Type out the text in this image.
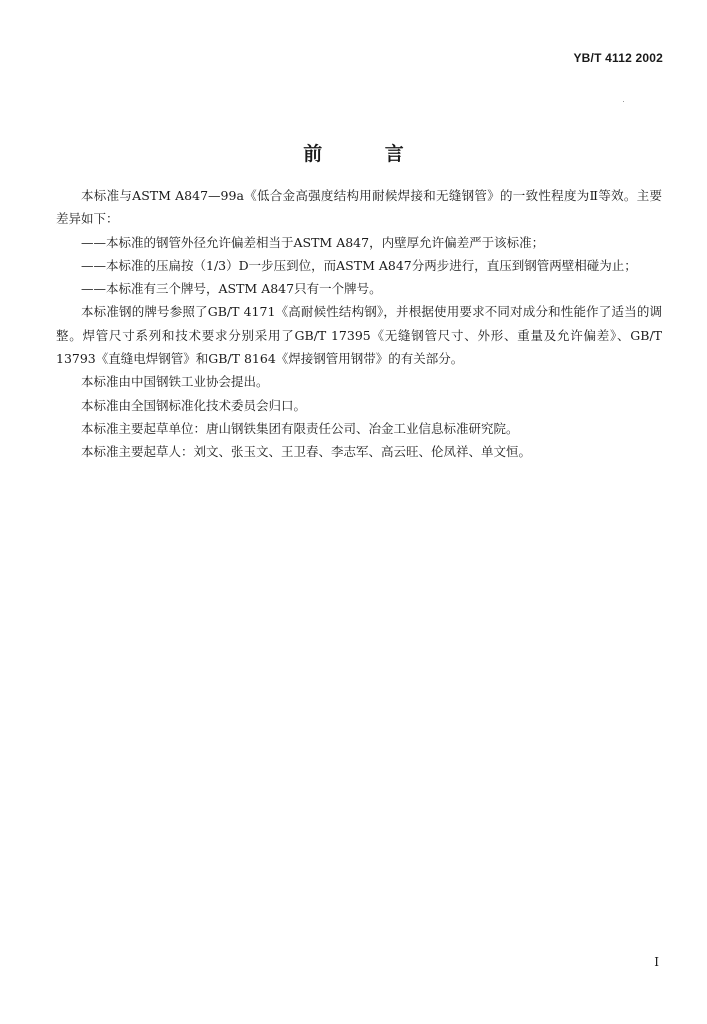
YB/T 4112 2002
前 言

本标准与ASTM A847—99a《低合金高强度结构用耐候焊接和无缝钢管》的一致性程度为Ⅱ等效。主要差异如下：

——本标准的钢管外径允许偏差相当于ASTM A847，内壁厚允许偏差严于该标准；

——本标准的压扁按（1/3）D一步压到位，而ASTM A847分两步进行，直压到钢管两壁相碰为止；

——本标准有三个牌号，ASTM A847只有一个牌号。

本标准钢的牌号参照了GB/T 4171《高耐候性结构钢》，并根据使用要求不同对成分和性能作了适当的调整。焊管尺寸系列和技术要求分别采用了GB/T 17395《无缝钢管尺寸、外形、重量及允许偏差》、GB/T 13793《直缝电焊钢管》和GB/T 8164《焊接钢管用钢带》的有关部分。

本标准由中国钢铁工业协会提出。

本标准由全国钢标准化技术委员会归口。

本标准主要起草单位：唐山钢铁集团有限责任公司、冶金工业信息标准研究院。

本标准主要起草人：刘文、张玉文、王卫春、李志军、高云旺、伦凤祥、单文恒。

I
